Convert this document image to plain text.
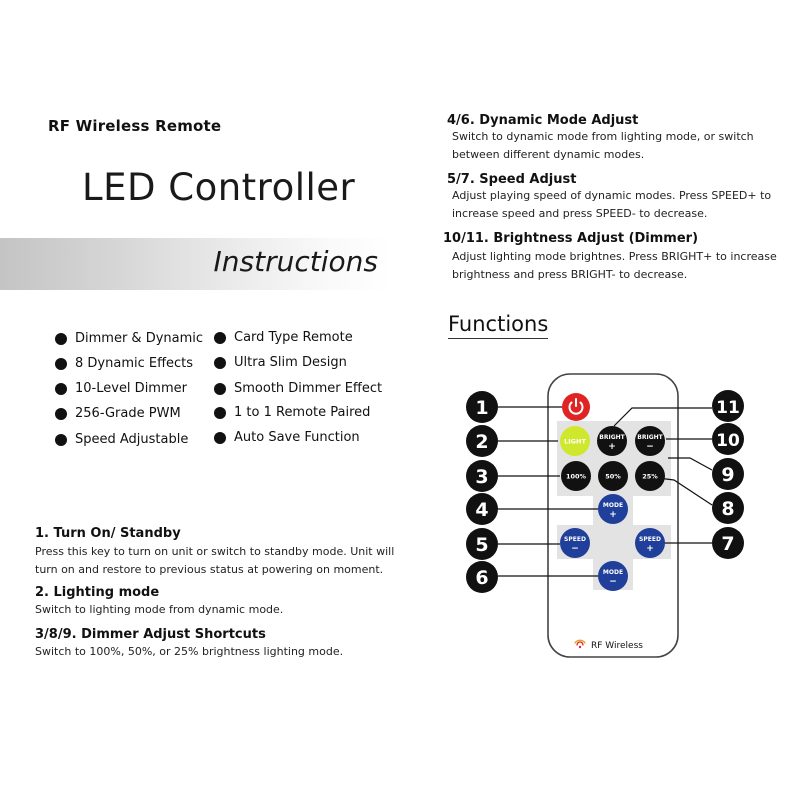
RF Wireless Remote
LED Controller
Instructions
Dimmer & Dynamic
8 Dynamic Effects
10-Level Dimmer
256-Grade PWM
Speed Adjustable
Card Type Remote
Ultra Slim Design
Smooth Dimmer Effect
1 to 1 Remote Paired
Auto Save Function
1. Turn On/ Standby
Press this key to turn on unit or switch to standby mode. Unit will
turn on and restore to previous status at powering on moment.
2. Lighting mode
Switch to lighting mode from dynamic mode.
3/8/9. Dimmer Adjust Shortcuts
Switch to 100%, 50%, or 25% brightness lighting mode.
4/6. Dynamic Mode Adjust
Switch to dynamic mode from lighting mode, or switch
between different dynamic modes.
5/7. Speed Adjust
Adjust playing speed of dynamic modes. Press SPEED+ to
increase speed and press SPEED- to decrease.
10/11. Brightness Adjust (Dimmer)
Adjust lighting mode brightnes. Press BRIGHT+ to increase
brightness and press BRIGHT- to decrease.
Functions
LIGHT BRIGHT
+
BRIGHT
−
100%	50%	25%
MODE
+
SPEED
−
SPEED
+
MODE
−
RF Wireless
1
2
3
4
5
6
7
8
9
10
11
